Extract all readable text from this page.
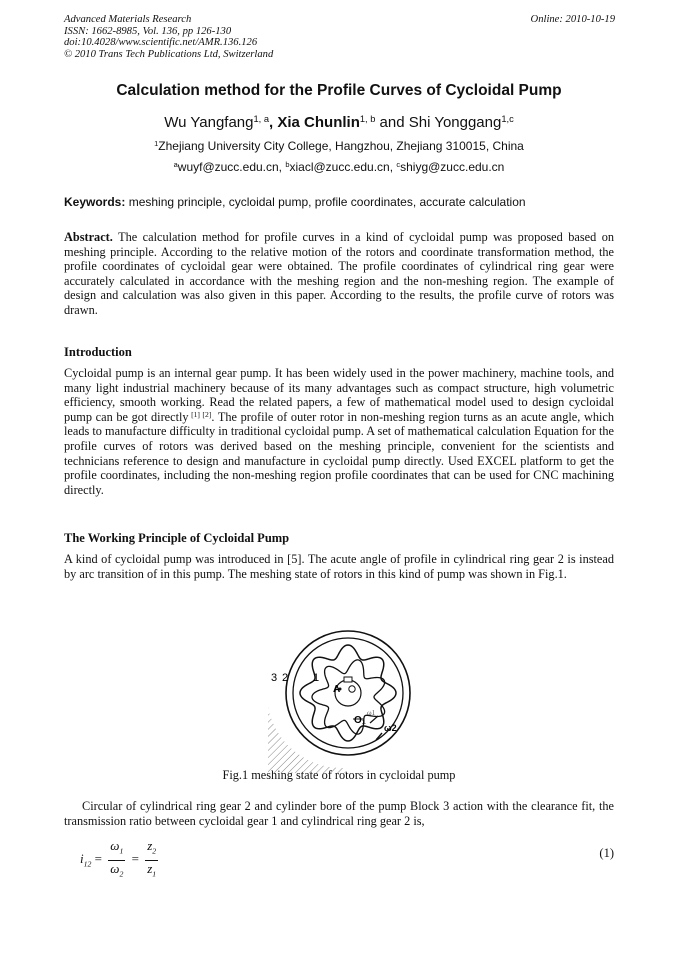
Advanced Materials Research
ISSN: 1662-8985, Vol. 136, pp 126-130
doi:10.4028/www.scientific.net/AMR.136.126
© 2010 Trans Tech Publications Ltd, Switzerland
Online: 2010-10-19
Calculation method for the Profile Curves of Cycloidal Pump
Wu Yangfang$^{1, a}$, Xia Chunlin$^{1, b}$ and Shi Yonggang$^{1,c}$
$^1$Zhejiang University City College, Hangzhou, Zhejiang 310015, China
$^a$wuyf@zucc.edu.cn, $^b$xiacl@zucc.edu.cn, $^c$shiyg@zucc.edu.cn
Keywords: meshing principle, cycloidal pump, profile coordinates, accurate calculation
Abstract. The calculation method for profile curves in a kind of cycloidal pump was proposed based on meshing principle. According to the relative motion of the rotors and coordinate transformation method, the profile coordinates of cycloidal gear were obtained. The profile coordinates of cylindrical ring gear were accurately calculated in accordance with the meshing region and the non-meshing region. The example of design and calculation was also given in this paper. According to the results, the profile curve of rotors was drawn.
Introduction
Cycloidal pump is an internal gear pump. It has been widely used in the power machinery, machine tools, and many light industrial machinery because of its many advantages such as compact structure, high volumetric efficiency, smooth working. Read the related papers, a few of mathematical model used to design cycloidal pump can be got directly [1] [2]. The profile of outer rotor in non-meshing region turns as an acute angle, which leads to manufacture difficulty in traditional cycloidal pump. A set of mathematical calculation Equation for the profile curves of rotors was derived based on the meshing principle, convenient for the scientists and technicians reference to design and manufacture in cycloidal pump directly. Used EXCEL platform to get the profile coordinates, including the non-meshing region profile coordinates that can be used for CNC machining directly.
The Working Principle of Cycloidal Pump
A kind of cycloidal pump was introduced in [5]. The acute angle of profile in cylindrical ring gear 2 is instead by arc transition of in this pump. The meshing state of rotors in this kind of pump was shown in Fig.1.
3 2 1
A
O₁
ω1
ω2
Fig.1 meshing state of rotors in cycloidal pump
Circular of cylindrical ring gear 2 and cylinder bore of the pump Block 3 action with the clearance fit, the transmission ratio between cycloidal gear 1 and cylindrical ring gear 2 is,
$i_{12} = \frac{\omega_1}{\omega_2} = \frac{z_2}{z_1}$	(1)
